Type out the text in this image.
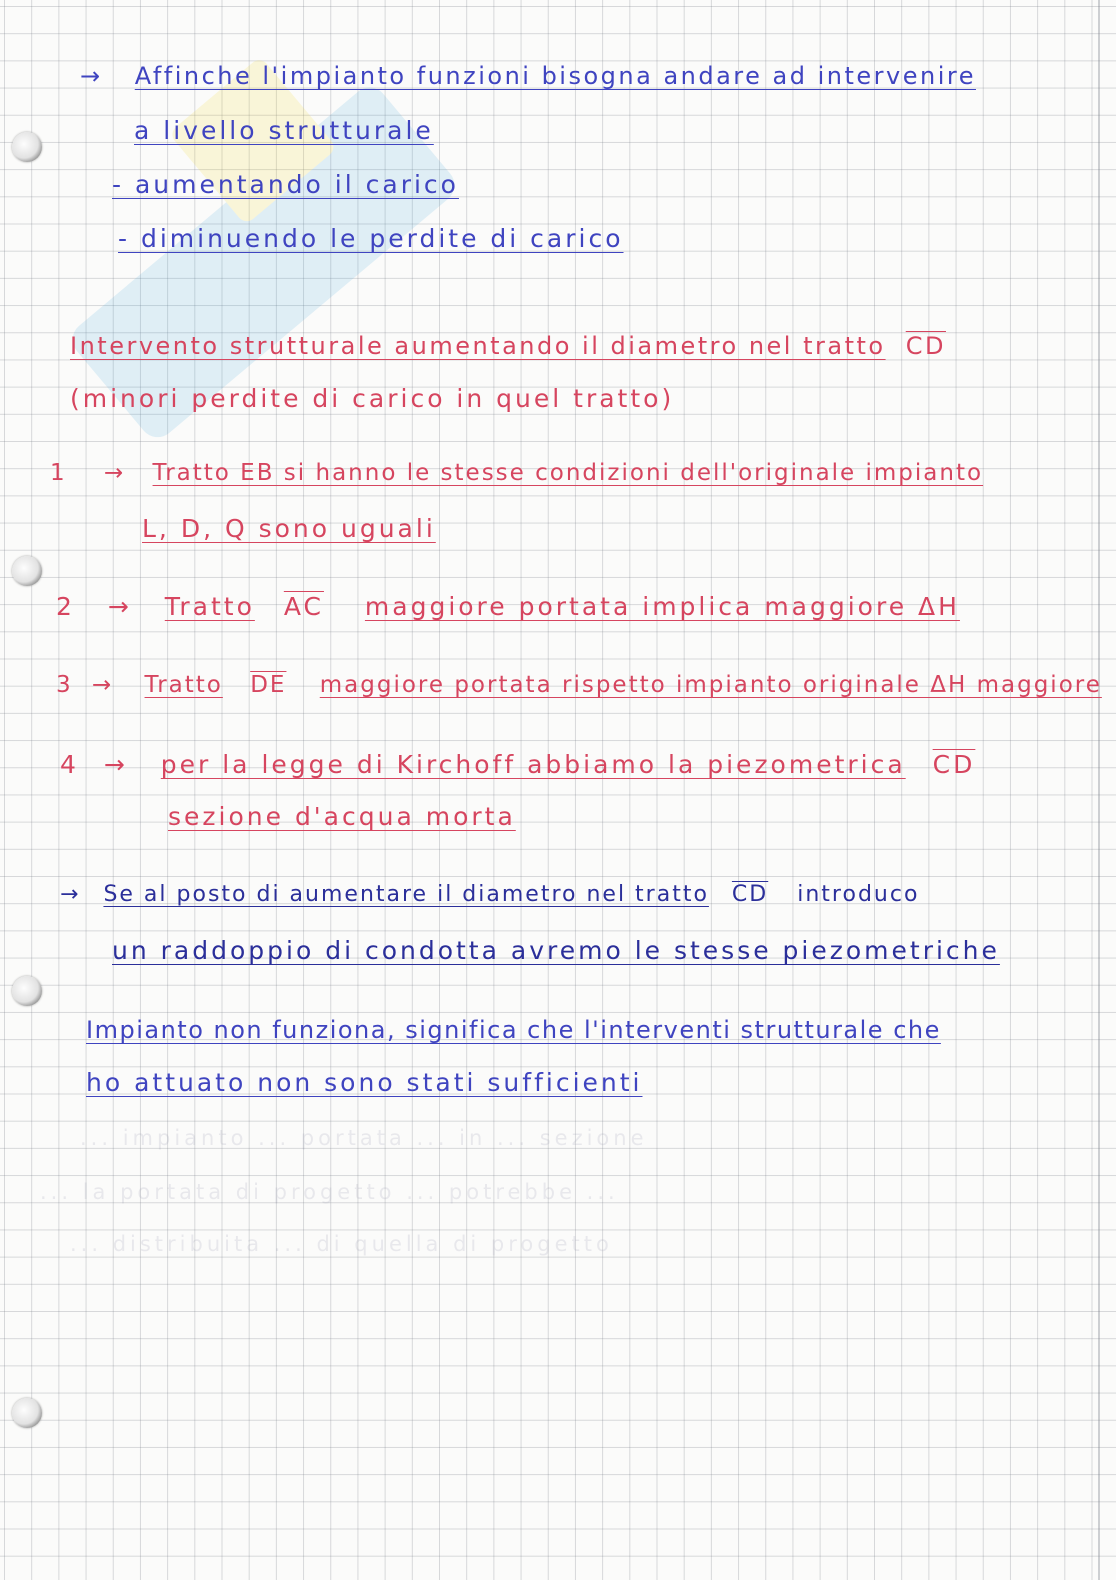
... impianto ... portata ... in ... sezione
... la portata di progetto ... potrebbe ...
... distribuita ... di quella di progetto
→ Affinche l'impianto funzioni bisogna andare ad intervenire
a livello strutturale
- aumentando il carico
- diminuendo le perdite di carico
Intervento strutturale aumentando il diametro nel tratto $\overline{CD}$
(minori perdite di carico in quel tratto)
1 → Tratto EB si hanno le stesse condizioni dell'originale impianto
L, D, Q sono uguali
2 → Tratto $\overline{AC}$ maggiore portata implica maggiore ΔH
3 → Tratto $\overline{DE}$ maggiore portata rispetto impianto originale ΔH maggiore
4 → per la legge di Kirchoff abbiamo la piezometrica $\overline{CD}$
sezione d'acqua morta
→ Se al posto di aumentare il diametro nel tratto $\overline{CD}$ introduco
un raddoppio di condotta avremo le stesse piezometriche
Impianto non funziona, significa che l'interventi strutturale che
ho attuato non sono stati sufficienti
